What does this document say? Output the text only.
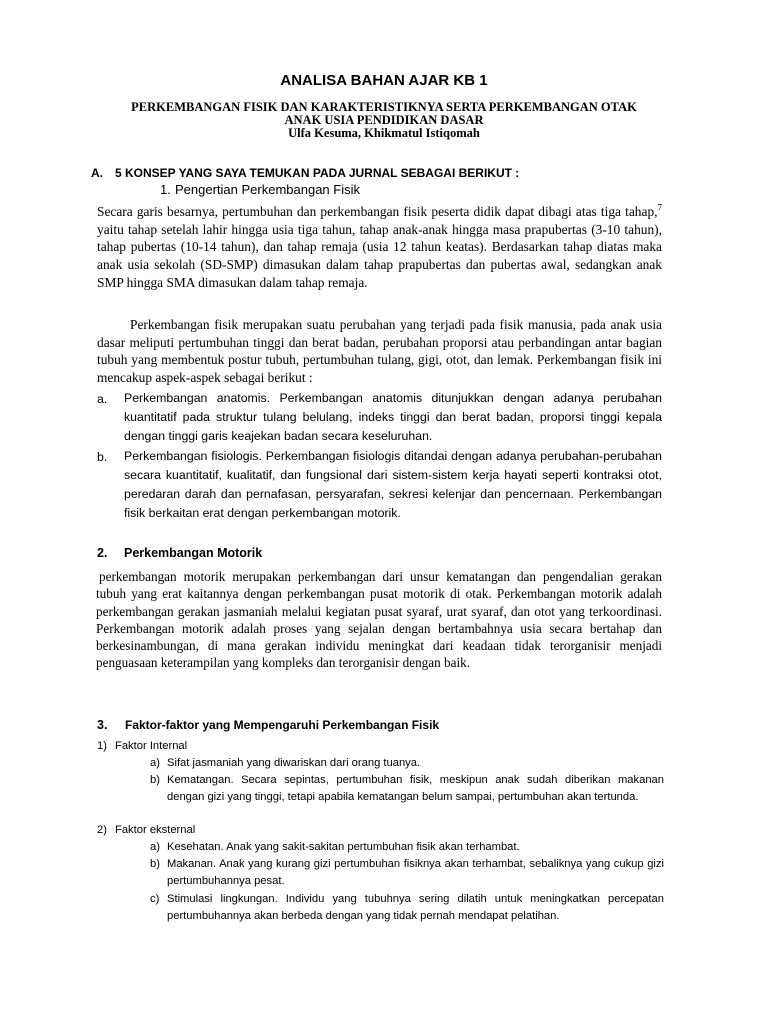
ANALISA BAHAN AJAR KB 1
PERKEMBANGAN FISIK DAN KARAKTERISTIKNYA SERTA PERKEMBANGAN OTAK
ANAK USIA PENDIDIKAN DASAR
Ulfa Kesuma, Khikmatul Istiqomah
A. 5 KONSEP YANG SAYA TEMUKAN PADA JURNAL SEBAGAI BERIKUT :
1. Pengertian Perkembangan Fisik
Secara garis besarnya, pertumbuhan dan perkembangan fisik peserta didik dapat dibagi atas tiga tahap,$^7$ yaitu tahap setelah lahir hingga usia tiga tahun, tahap anak-anak hingga masa prapubertas (3-10 tahun), tahap pubertas (10-14 tahun), dan tahap remaja (usia 12 tahun keatas). Berdasarkan tahap diatas maka anak usia sekolah (SD-SMP) dimasukan dalam tahap prapubertas dan pubertas awal, sedangkan anak SMP hingga SMA dimasukan dalam tahap remaja.
Perkembangan fisik merupakan suatu perubahan yang terjadi pada fisik manusia, pada anak usia dasar meliputi pertumbuhan tinggi dan berat badan, perubahan proporsi atau perbandingan antar bagian tubuh yang membentuk postur tubuh, pertumbuhan tulang, gigi, otot, dan lemak. Perkembangan fisik ini mencakup aspek-aspek sebagai berikut :
a. Perkembangan anatomis. Perkembangan anatomis ditunjukkan dengan adanya perubahan kuantitatif pada struktur tulang belulang, indeks tinggi dan berat badan, proporsi tinggi kepala dengan tinggi garis keajekan badan secara keseluruhan.
b. Perkembangan fisiologis. Perkembangan fisiologis ditandai dengan adanya perubahan-perubahan secara kuantitatif, kualitatif, dan fungsional dari sistem-sistem kerja hayati seperti kontraksi otot, peredaran darah dan pernafasan, persyarafan, sekresi kelenjar dan pencernaan. Perkembangan fisik berkaitan erat dengan perkembangan motorik.
2. Perkembangan Motorik
perkembangan motorik merupakan perkembangan dari unsur kematangan dan pengendalian gerakan tubuh yang erat kaitannya dengan perkembangan pusat motorik di otak. Perkembangan motorik adalah perkembangan gerakan jasmaniah melalui kegiatan pusat syaraf, urat syaraf, dan otot yang terkoordinasi. Perkembangan motorik adalah proses yang sejalan dengan bertambahnya usia secara bertahap dan berkesinambungan, di mana gerakan individu meningkat dari keadaan tidak terorganisir menjadi penguasaan keterampilan yang kompleks dan terorganisir dengan baik.
3. Faktor-faktor yang Mempengaruhi Perkembangan Fisik
1) Faktor Internal
a) Sifat jasmaniah yang diwariskan dari orang tuanya.
b) Kematangan. Secara sepintas, pertumbuhan fisik, meskipun anak sudah diberikan makanan dengan gizi yang tinggi, tetapi apabila kematangan belum sampai, pertumbuhan akan tertunda.
2) Faktor eksternal
a) Kesehatan. Anak yang sakit-sakitan pertumbuhan fisik akan terhambat.
b) Makanan. Anak yang kurang gizi pertumbuhan fisiknya akan terhambat, sebaliknya yang cukup gizi pertumbuhannya pesat.
c) Stimulasi lingkungan. Individu yang tubuhnya sering dilatih untuk meningkatkan percepatan pertumbuhannya akan berbeda dengan yang tidak pernah mendapat pelatihan.
